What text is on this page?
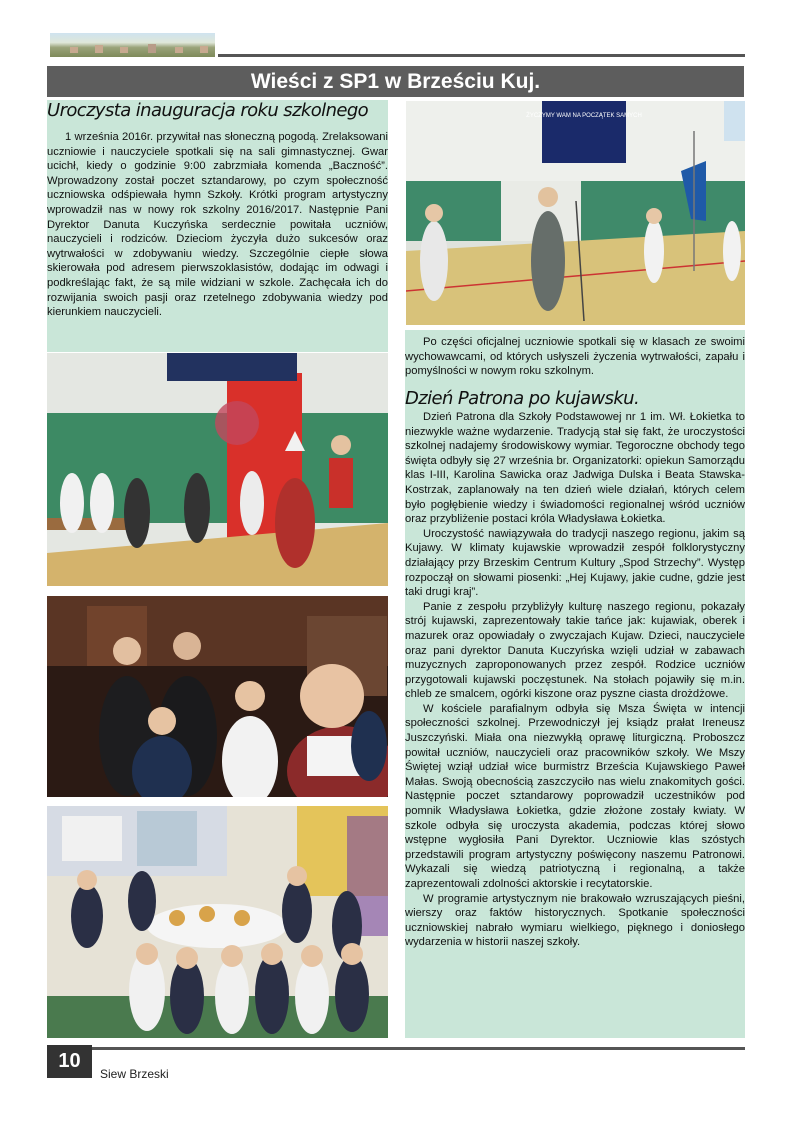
Wieści z SP1 w Brześciu Kuj.
Uroczysta inauguracja roku szkolnego

1 września 2016r. przywitał nas słoneczną pogodą. Zrelaksowani uczniowie i nauczyciele spotkali się na sali gimnastycznej. Gwar ucichł, kiedy o godzinie 9:00 zabrzmiała komenda „Baczność”. Wprowadzony został poczet sztandarowy, po czym społeczność uczniowska odśpiewała hymn Szkoły. Krótki program artystyczny wprowadził nas w nowy rok szkolny 2016/2017. Następnie Pani Dyrektor Danuta Kuczyńska serdecznie powitała uczniów, nauczycieli i rodziców. Dzieciom życzyła dużo sukcesów oraz wytrwałości w zdobywaniu wiedzy. Szczególnie ciepłe słowa skierowała pod adresem pierwszoklasistów, dodając im odwagi i podkreślając fakt, że są mile widziani w szkole. Zachęcała ich do rozwijania swoich pasji oraz rzetelnego zdobywania wiedzy pod kierunkiem nauczycieli.

ŻYCZYMY WAM NA POCZĄTEK SAMYCH

Po części oficjalnej uczniowie spotkali się w klasach ze swoimi wychowawcami, od których usłyszeli życzenia wytrwałości, zapału i pomyślności w nowym roku szkolnym.

Dzień Patrona po kujawsku.

Dzień Patrona dla Szkoły Podstawowej nr 1 im. Wł. Łokietka to niezwykle ważne wydarzenie. Tradycją stał się fakt, że uroczystości szkolnej nadajemy środowiskowy wymiar. Tegoroczne obchody tego święta odbyły się 27 września br. Organizatorki: opiekun Samorządu klas I-III, Karolina Sawicka oraz Jadwiga Dulska i Beata Stawska-Kostrzak, zaplanowały na ten dzień wiele działań, których celem było pogłębienie wiedzy i świadomości regionalnej wśród uczniów oraz przybliżenie postaci króla Władysława Łokietka.

Uroczystość nawiązywała do tradycji naszego regionu, jakim są Kujawy. W klimaty kujawskie wprowadził zespół folklorystyczny działający przy Brzeskim Centrum Kultury „Spod Strzechy”. Występ rozpoczął on słowami piosenki: „Hej Kujawy, jakie cudne, gdzie jest taki drugi kraj”.

Panie z zespołu przybliżyły kulturę naszego regionu, pokazały strój kujawski, zaprezentowały takie tańce jak: kujawiak, oberek i mazurek oraz opowiadały o zwyczajach Kujaw. Dzieci, nauczyciele oraz pani dyrektor Danuta Kuczyńska wzięli udział w zabawach muzycznych zaproponowanych przez zespół. Rodzice uczniów przygotowali kujawski poczęstunek. Na stołach pojawiły się m.in. chleb ze smalcem, ogórki kiszone oraz pyszne ciasta drożdżowe.

W kościele parafialnym odbyła się Msza Święta w intencji społeczności szkolnej. Przewodniczył jej ksiądz prałat Ireneusz Juszczyński. Miała ona niezwykłą oprawę liturgiczną. Proboszcz powitał uczniów, nauczycieli oraz pracowników szkoły. We Mszy Świętej wziął udział wice burmistrz Brześcia Kujawskiego Paweł Małas. Swoją obecnością zaszczyciło nas wielu znakomitych gości. Następnie poczet sztandarowy poprowadził uczestników pod pomnik Władysława Łokietka, gdzie złożone zostały kwiaty. W szkole odbyła się uroczysta akademia, podczas której słowo wstępne wygłosiła Pani Dyrektor. Uczniowie klas szóstych przedstawili program artystyczny poświęcony naszemu Patronowi. Wykazali się wiedzą patriotyczną i regionalną, a także zaprezentowali zdolności aktorskie i recytatorskie.

W programie artystycznym nie brakowało wzruszających pieśni, wierszy oraz faktów historycznych. Spotkanie społeczności uczniowskiej nabrało wymiaru wielkiego, pięknego i doniosłego wydarzenia w historii naszej szkoły.

10
Siew Brzeski
